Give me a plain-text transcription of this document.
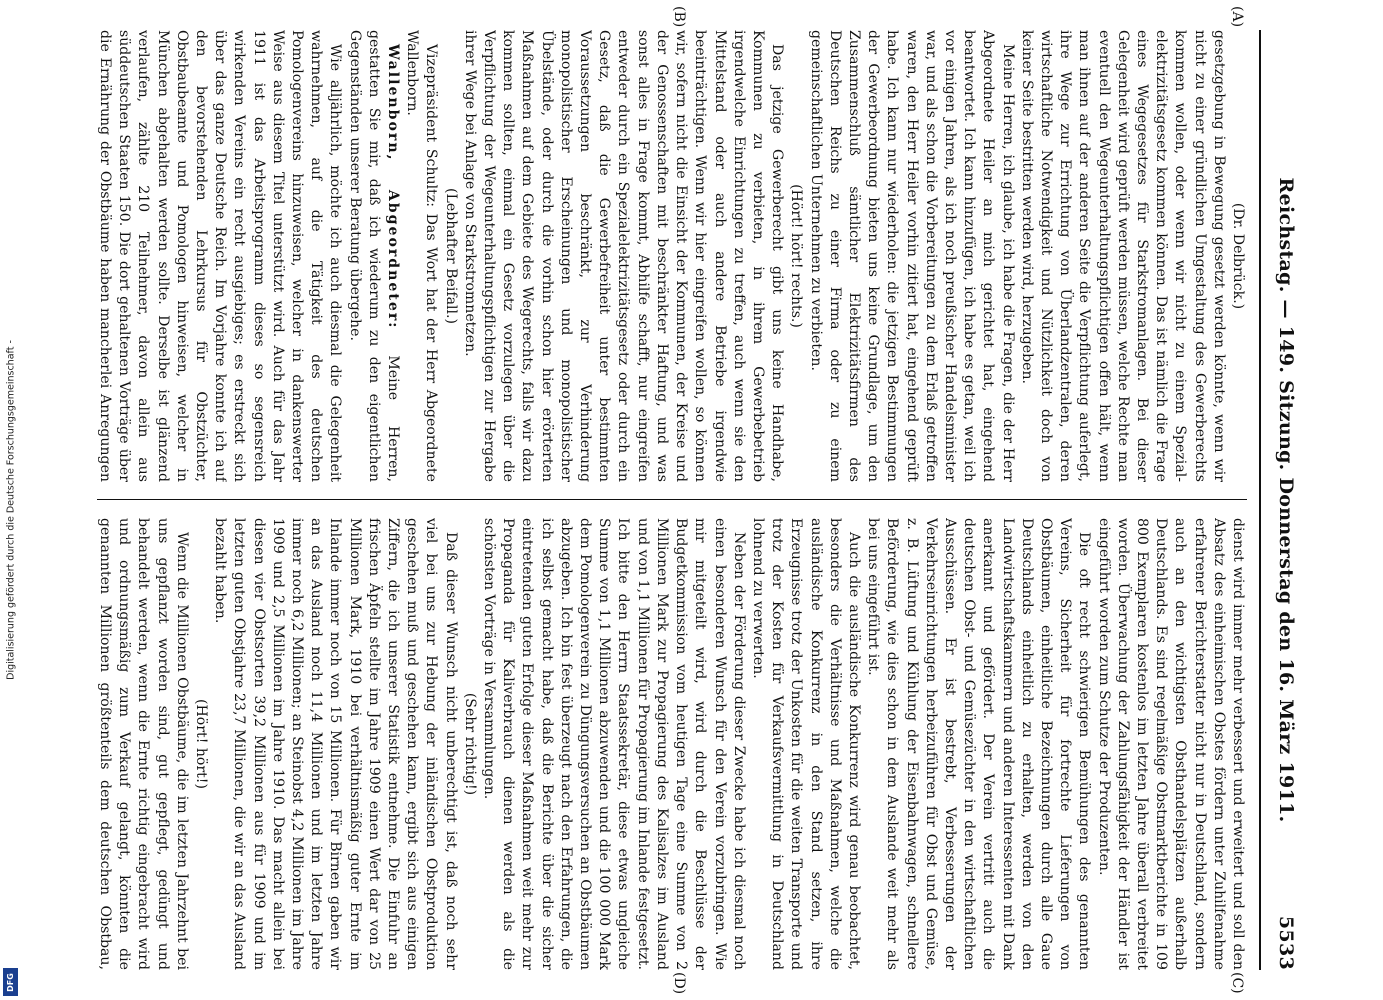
Reichstag. — 149. Sitzung. Donnerstag den 16. März 1911.
5533
(A)
(B)
(C)
(D)

(Dr. Delbrück.)

gesetzgebung in Bewegung gesetzt werden könnte, wenn wir nicht zu einer gründlichen Umgestaltung des Gewerberechts kommen wollen, oder wenn wir nicht zu einem Spezial-elektrizitätsgesetz kommen können. Das ist nämlich die Frage eines Wegegesetzes für Starkstromanlagen. Bei dieser Gelegenheit wird geprüft werden müssen, welche Rechte man eventuell den Wegeunterhaltungspflichtigen offen hält, wenn man ihnen auf der anderen Seite die Verpflichtung auferlegt, ihre Wege zur Errichtung von Überlandzentralen, deren wirtschaftliche Notwendigkeit und Nützlichkeit doch von keiner Seite bestritten werden wird, herzugeben.

Meine Herren, ich glaube, ich habe die Fragen, die der Herr Abgeordnete Heiler an mich gerichtet hat, eingehend beantwortet. Ich kann hinzufügen, ich habe es getan, weil ich vor einigen Jahren, als ich noch preußischer Handelsminister war, und als schon die Vorbereitungen zu dem Erlaß getroffen waren, den Herr Heiler vorhin zitiert hat, eingehend geprüft habe. Ich kann nur wiederholen: die jetzigen Bestimmungen der Gewerbeordnung bieten uns keine Grundlage, um den Zusammenschluß sämtlicher Elektrizitätsfirmen des Deutschen Reichs zu einer Firma oder zu einem gemeinschaftlichen Unternehmen zu verbieten.

(Hört! hört! rechts.)

Das jetzige Gewerberecht gibt uns keine Handhabe, Kommunen zu verbieten, in ihrem Gewerbebetrieb irgendwelche Einrichtungen zu treffen, auch wenn sie den Mittelstand oder auch andere Betriebe irgendwie beeinträchtigen. Wenn wir hier eingreifen wollen, so können wir, sofern nicht die Einsicht der Kommunen, der Kreise und der Genossenschaften mit beschränkter Haftung, und was sonst alles in Frage kommt, Abhilfe schafft, nur eingreifen entweder durch ein Spezialelektrizitätsgesetz oder durch ein Gesetz, daß die Gewerbefreiheit unter bestimmten Voraussetzungen beschränkt, zur Verhinderung monopolistischer Erscheinungen und monopolistischer Übelstände, oder durch die vorhin schon hier erörterten Maßnahmen auf dem Gebiete des Wegerechts, falls wir dazu kommen sollten, einmal ein Gesetz vorzulegen über die Verpflichtung der Wegeunterhaltungspflichtigen zur Hergabe ihrer Wege bei Anlage von Starkstromnetzen.

(Lebhafter Beifall.)

Vizepräsident Schultz: Das Wort hat der Herr Abgeordnete Wallenborn.

Wallenborn, Abgeordneter: Meine Herren, gestatten Sie mir, daß ich wiederum zu den eigentlichen Gegenständen unserer Beratung übergehe.

Wie alljährlich, möchte ich auch diesmal die Gelegenheit wahrnehmen, auf die Tätigkeit des deutschen Pomologenvereins hinzuweisen, welcher in dankenswerter Weise aus diesem Titel unterstützt wird. Auch für das Jahr 1911 ist das Arbeitsprogramm dieses so segensreich wirkenden Vereins ein recht ausgiebiges; es erstreckt sich über das ganze Deutsche Reich. Im Vorjahre konnte ich auf den bevorstehenden Lehrkursus für Obstzüchter, Obstbaubeamte und Pomologen hinweisen, welcher in München abgehalten werden sollte. Derselbe ist glänzend verlaufen, zählte 210 Teilnehmer, davon allein aus süddeutschen Staaten 150. Die dort gehaltenen Vorträge über die Ernährung der Obstbäume haben mancherlei Anregungen

dienst wird immer mehr verbessert und erweitert und soll den Absatz des einheimischen Obstes fördern unter Zuhilfenahme erfahrener Berichterstatter nicht nur in Deutschland, sondern auch an den wichtigsten Obsthandelsplätzen außerhalb Deutschlands. Es sind regelmäßige Obstmarktberichte in 109 800 Exemplaren kostenlos im letzten Jahre überall verbreitet worden. Überwachung der Zahlungsfähigkeit der Händler ist eingeführt worden zum Schutze der Produzenten.

Die oft recht schwierigen Bemühungen des genannten Vereins, Sicherheit für fortrechte Lieferungen von Obstbäumen, einheitliche Bezeichnungen durch alle Gaue Deutschlands einheitlich zu erhalten, werden von den Landwirtschaftskammern und anderen Interessenten mit Dank anerkannt und gefördert. Der Verein vertritt auch die deutschen Obst- und Gemüsezüchter in den wirtschaftlichen Ausschüssen. Er ist bestrebt, Verbesserungen der Verkehrseinrichtungen herbeizuführen für Obst und Gemüse, z. B. Lüftung und Kühlung der Eisenbahnwagen, schnellere Beförderung, wie dies schon in dem Auslande weit mehr als bei uns eingeführt ist.

Auch die ausländische Konkurrenz wird genau beobachtet, besonders die Verhältnisse und Maßnahmen, welche die ausländische Konkurrenz in den Stand setzen, ihre Erzeugnisse trotz der Unkosten für die weiten Transporte und trotz der Kosten für Verkaufsvermittlung in Deutschland lohnend zu verwerten.

Neben der Förderung dieser Zwecke habe ich diesmal noch einen besonderen Wunsch für den Verein vorzubringen. Wie mir mitgeteilt wird, wird durch die Beschlüsse der Budgetkommission vom heutigen Tage eine Summe von 2 Millionen Mark zur Propagierung des Kalisalzes im Ausland und von 1,1 Millionen für Propagierung im Inlande festgesetzt. Ich bitte den Herrn Staatssekretär, diese etwas ungleiche Summe von 1,1 Millionen abzuwenden und die 100 000 Mark dem Pomologenverein zu Düngungsversuchen an Obstbäumen abzugeben. Ich bin fest überzeugt nach den Erfahrungen, die ich selbst gemacht habe, daß die Berichte über die sicher eintretenden guten Erfolge dieser Maßnahmen weit mehr zur Propaganda für Kaliverbrauch dienen werden als die schönsten Vorträge in Versammlungen.

(Sehr richtig!)

Daß dieser Wunsch nicht unberechtigt ist, daß noch sehr viel bei uns zur Hebung der inländischen Obstproduktion geschehen muß und geschehen kann, ergibt sich aus einigen Ziffern, die ich unserer Statistik entnehme. Die Einfuhr an frischen Äpfeln stellte im Jahre 1909 einen Wert dar von 25 Millionen Mark, 1910 bei verhältnismäßig guter Ernte im Inlande immer noch von 15 Millionen. Für Birnen gaben wir an das Ausland noch 11,4 Millionen und im letzten Jahre immer noch 6,2 Millionen; an Steinobst 4,2 Millionen im Jahre 1909 und 2,5 Millionen im Jahre 1910. Das macht allein bei diesen vier Obstsorten 39,2 Millionen aus für 1909 und im letzten guten Obstjahre 23,7 Millionen, die wir an das Ausland bezahlt haben.

(Hört! hört!)

Wenn die Millionen Obstbäume, die im letzten Jahrzehnt bei uns gepflanzt worden sind, gut gepflegt, gedüngt und behandelt werden, wenn die Ernte richtig eingebracht wird und ordnungsmäßig zum Verkauf gelangt, könnten die genannten Millionen größtenteils dem deutschen Obstbau,

Digitalisierung gefördert durch die Deutsche Forschungsgemeinschaft -
DFG
